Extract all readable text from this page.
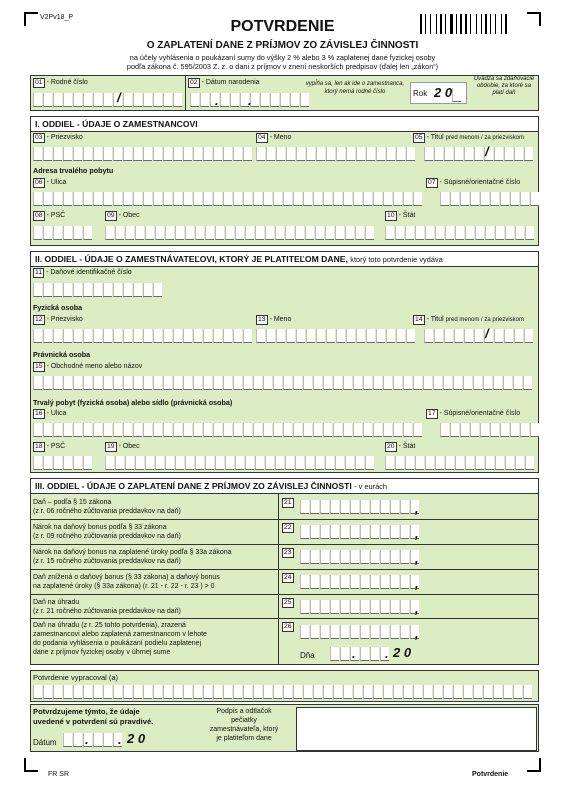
V2Pv18_P
POTVRDENIE
O ZAPLATENÍ DANE Z PRÍJMOV ZO ZÁVISLEJ ČINNOSTI
na účely vyhlásenia o poukázaní sumy do výšky 2 % alebo 3 % zaplatenej dane fyzickej osoby
podľa zákona č. 595/2003 Z. z. o dani z príjmov v znení neskorších predpisov (ďalej len „zákon“)
01 - Rodné číslo
/
02 - Dátum narodenia
. .
vypĺňa sa, len ak ide o zamestnanca, ktorý nemá rodné číslo	Rok 2 0
Uvádza sa zdaňovacie obdobie, za ktoré sa platí daň
I. ODDIEL - ÚDAJE O ZAMESTNANCOVI
03 - Priezvisko	04 - Meno	05 - Titul pred menom / za priezviskom
/
Adresa trvalého pobytu
06 - Ulica	07 - Súpisné/orientačné číslo
08 - PSČ	09 - Obec	10 - Štát
II. ODDIEL - ÚDAJE O ZAMESTNÁVATEĽOVI, KTORÝ JE PLATITEĽOM DANE, ktorý toto potvrdenie vydáva
11 - Daňové identifikačné číslo
Fyzická osoba
12 - Priezvisko	13 - Meno	14 - Titul pred menom / za priezviskom
/
Právnická osoba
15 - Obchodné meno alebo názov
Trvalý pobyt (fyzická osoba) alebo sídlo (právnická osoba)
16 - Ulica	17 - Súpisné/orientačné číslo
18 - PSČ	19 - Obec	20 - Štát
III. ODDIEL - ÚDAJE O ZAPLATENÍ DANE Z PRÍJMOV ZO ZÁVISLEJ ČINNOSTI - v eurách
Daň – podľa § 15 zákona
(z r. 06 ročného zúčtovania preddavkov na daň)
21	,
Nárok na daňový bonus podľa § 33 zákona
(z r. 09 ročného zúčtovania preddavkov na daň)
22	,
Nárok na daňový bonus na zaplatené úroky podľa § 33a zákona
(z r. 15 ročného zúčtovania preddavkov na daň)
23	,
Daň znížená o daňový bonus (§ 33 zákona) a daňový bonus
na zaplatené úroky (§ 33a zákona) (r. 21 - r. 22 - r. 23 ) > 0
24	,
Daň na úhradu
(z r. 21 ročného zúčtovania preddavkov na daň)
25	,
Daň na úhradu (z r. 25 tohto potvrdenia), zrazená
zamestnancovi alebo zaplatená zamestnancom v lehote
do podania vyhlásenia o poukázaní podielu zaplatenej
dane z príjmov fyzickej osoby v úhrnej sume
26	,
Dňa	. . 2 0
Potvrdenie vypracoval (a)
Potvrdzujeme týmto, že údaje
uvedené v potvrdení sú pravdivé.
Dátum . . 2 0
Podpis a odtlačok
pečiatky
zamestnávateľa, ktorý
je platiteľom dane
FR SR	Potvrdenie
